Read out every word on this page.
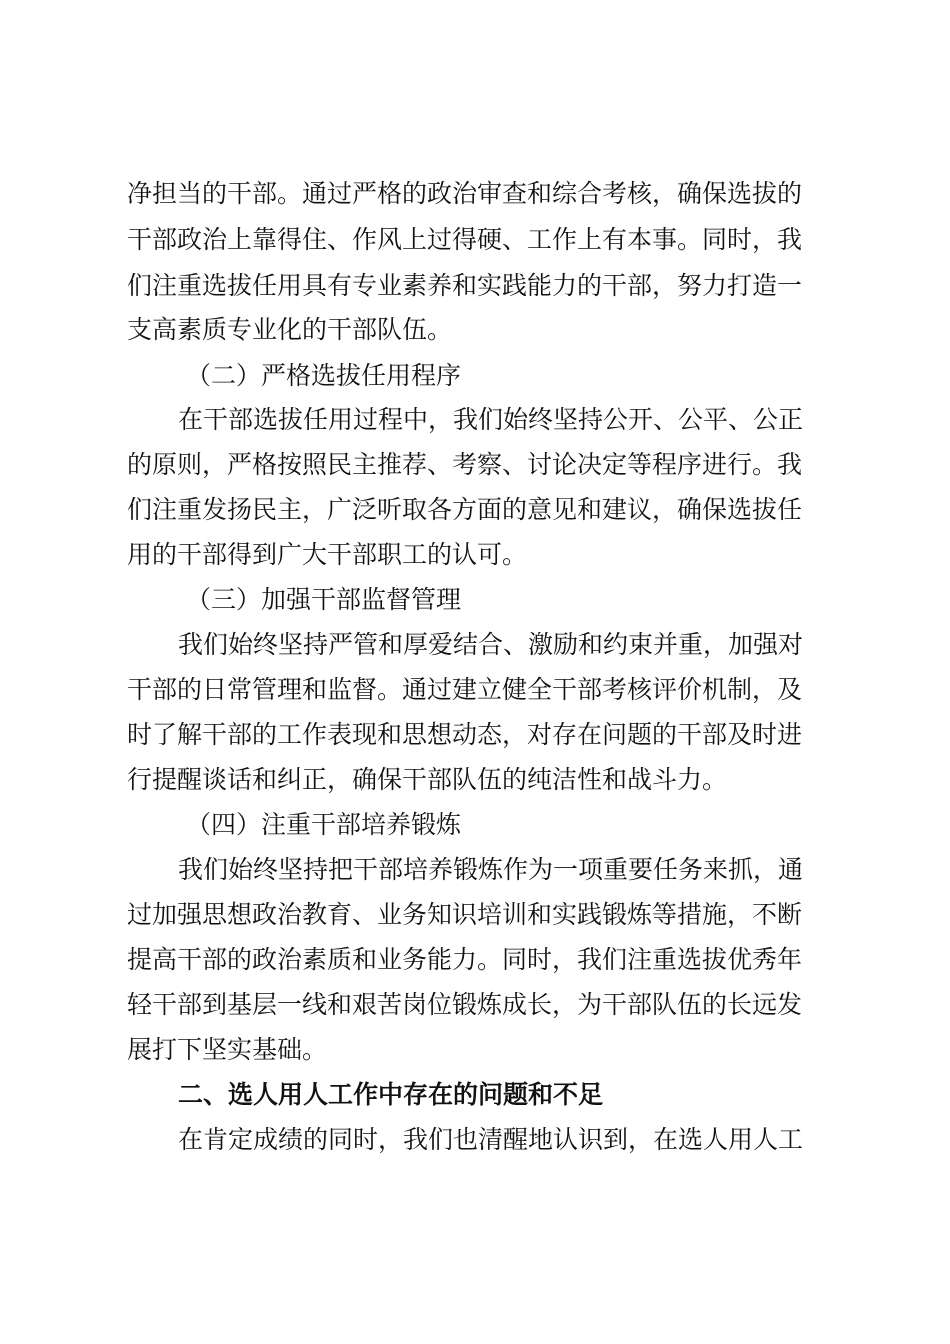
净担当的干部。通过严格的政治审查和综合考核，确保选拔的
干部政治上靠得住、作风上过得硬、工作上有本事。同时，我
们注重选拔任用具有专业素养和实践能力的干部，努力打造一
支高素质专业化的干部队伍。
（二）严格选拔任用程序
在干部选拔任用过程中，我们始终坚持公开、公平、公正
的原则，严格按照民主推荐、考察、讨论决定等程序进行。我
们注重发扬民主，广泛听取各方面的意见和建议，确保选拔任
用的干部得到广大干部职工的认可。
（三）加强干部监督管理
我们始终坚持严管和厚爱结合、激励和约束并重，加强对
干部的日常管理和监督。通过建立健全干部考核评价机制，及
时了解干部的工作表现和思想动态，对存在问题的干部及时进
行提醒谈话和纠正，确保干部队伍的纯洁性和战斗力。
（四）注重干部培养锻炼
我们始终坚持把干部培养锻炼作为一项重要任务来抓，通
过加强思想政治教育、业务知识培训和实践锻炼等措施，不断
提高干部的政治素质和业务能力。同时，我们注重选拔优秀年
轻干部到基层一线和艰苦岗位锻炼成长，为干部队伍的长远发
展打下坚实基础。
二、选人用人工作中存在的问题和不足
在肯定成绩的同时，我们也清醒地认识到，在选人用人工
